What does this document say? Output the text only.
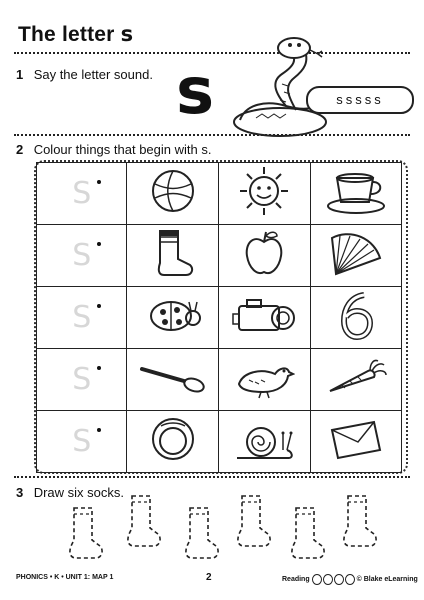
The letter s
1 Say the letter sound. s	sssss
2 Colour things that begin with s.
S

S

S

S

S

3 Draw six socks.
PHONICS • K • UNIT 1: MAP 1	2	Reading	© Blake eLearning
